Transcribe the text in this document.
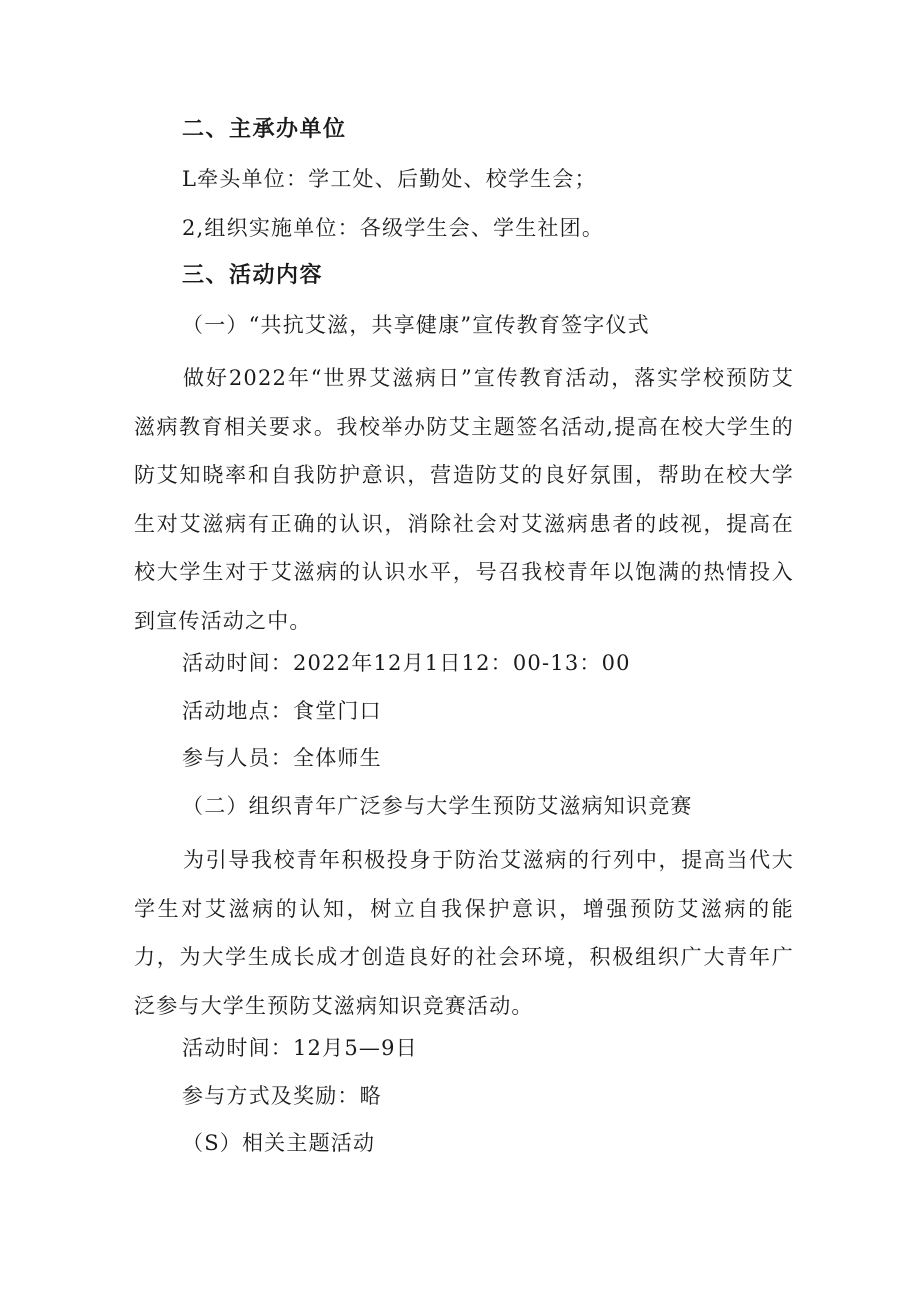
二、主承办单位
L牵头单位：学工处、后勤处、校学生会；
2,组织实施单位：各级学生会、学生社团。
三、活动内容
（一）“共抗艾滋，共享健康”宣传教育签字仪式
做好2022年“世界艾滋病日”宣传教育活动，落实学校预防艾滋病教育相关要求。我校举办防艾主题签名活动,提高在校大学生的防艾知晓率和自我防护意识，营造防艾的良好氛围，帮助在校大学生对艾滋病有正确的认识，消除社会对艾滋病患者的歧视，提高在校大学生对于艾滋病的认识水平，号召我校青年以饱满的热情投入到宣传活动之中。
活动时间：2022年12月1日12：00-13：00
活动地点：食堂门口
参与人员：全体师生
（二）组织青年广泛参与大学生预防艾滋病知识竞赛
为引导我校青年积极投身于防治艾滋病的行列中，提高当代大学生对艾滋病的认知，树立自我保护意识，增强预防艾滋病的能力，为大学生成长成才创造良好的社会环境，积极组织广大青年广泛参与大学生预防艾滋病知识竞赛活动。
活动时间：12月5—9日
参与方式及奖励：略
（S）相关主题活动
